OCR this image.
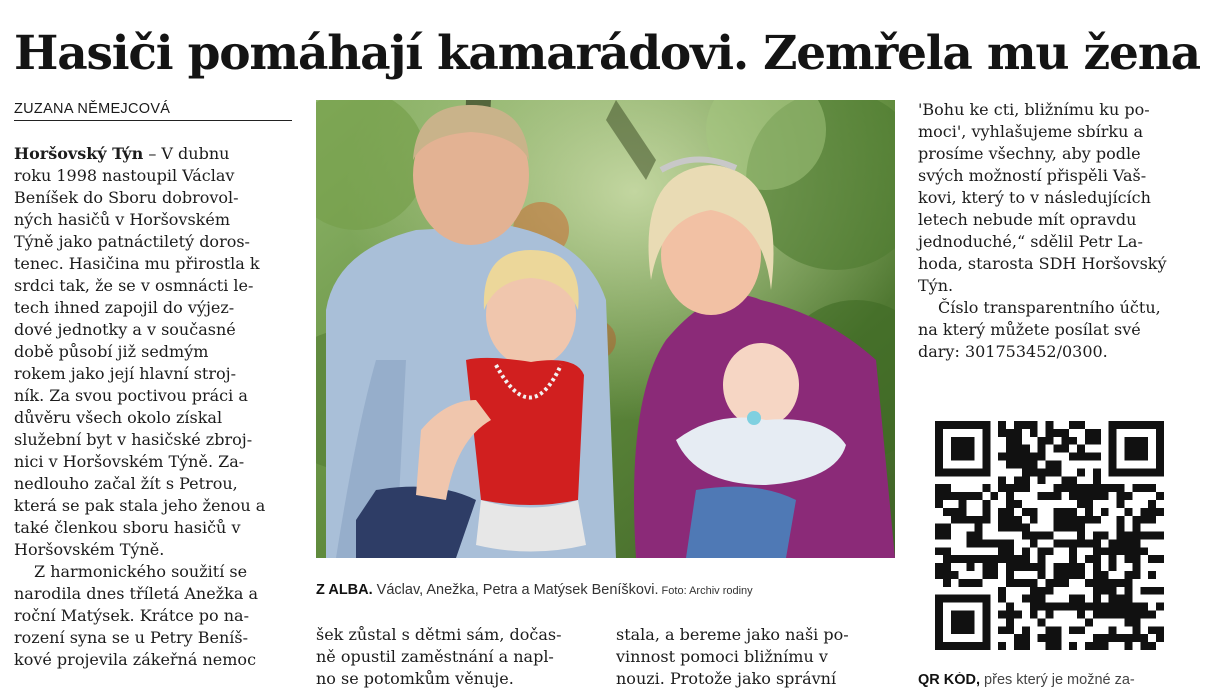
Hasiči pomáhají kamarádovi. Zemřela mu žena
ZUZANA NĚMEJCOVÁ

Horšovský Týn – V dubnu
roku 1998 nastoupil Václav
Beníšek do Sboru dobrovol-
ných hasičů v Horšovském
Týně jako patnáctiletý doros-
tenec. Hasičina mu přirostla k
srdci tak, že se v osmnácti le-
tech ihned zapojil do výjez-
dové jednotky a v současné
době působí již sedmým
rokem jako její hlavní stroj-
ník. Za svou poctivou práci a
důvěru všech okolo získal
služební byt v hasičské zbroj-
nici v Horšovském Týně. Za-
nedlouho začal žít s Petrou,
která se pak stala jeho ženou a
také členkou sboru hasičů v
Horšovském Týně.

Z harmonického soužití se
narodila dnes tříletá Anežka a
roční Matýsek. Krátce po na-
rození syna se u Petry Beníš-
kové projevila zákeřná nemoc

Z ALBA. Václav, Anežka, Petra a Matýsek Beníškovi. Foto: Archiv rodiny

šek zůstal s dětmi sám, dočas-
ně opustil zaměstnání a napl-
no se potomkům věnuje.

stala, a bereme jako naši po-
vinnost pomoci bližnímu v
nouzi. Protože jako správní

'Bohu ke cti, bližnímu ku po-
moci', vyhlašujeme sbírku a
prosíme všechny, aby podle
svých možností přispěli Vaš-
kovi, který to v následujících
letech nebude mít opravdu
jednoduché,“ sdělil Petr La-
hoda, starosta SDH Horšovský
Týn.

Číslo transparentního účtu,
na který můžete posílat své
dary: 301753452/0300.

QR KÓD, přes který je možné za-
